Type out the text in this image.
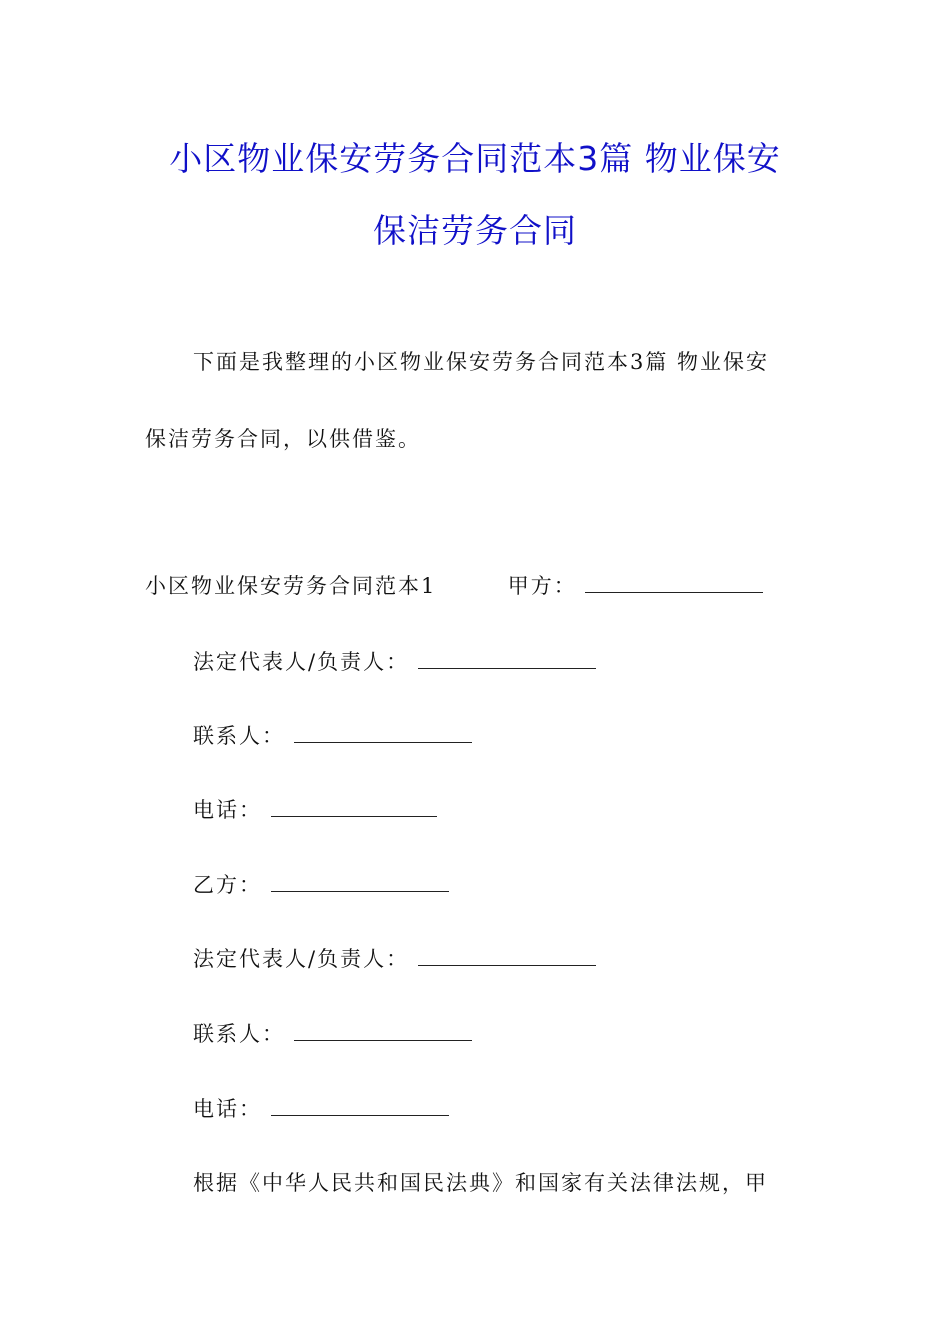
小区物业保安劳务合同范本3篇 物业保安
保洁劳务合同
下面是我整理的小区物业保安劳务合同范本3篇 物业保安
保洁劳务合同，以供借鉴。
小区物业保安劳务合同范本1	甲方：
法定代表人/负责人：
联系人：
电话：
乙方：
法定代表人/负责人：
联系人：
电话：
根据《中华人民共和国民法典》和国家有关法律法规，甲
